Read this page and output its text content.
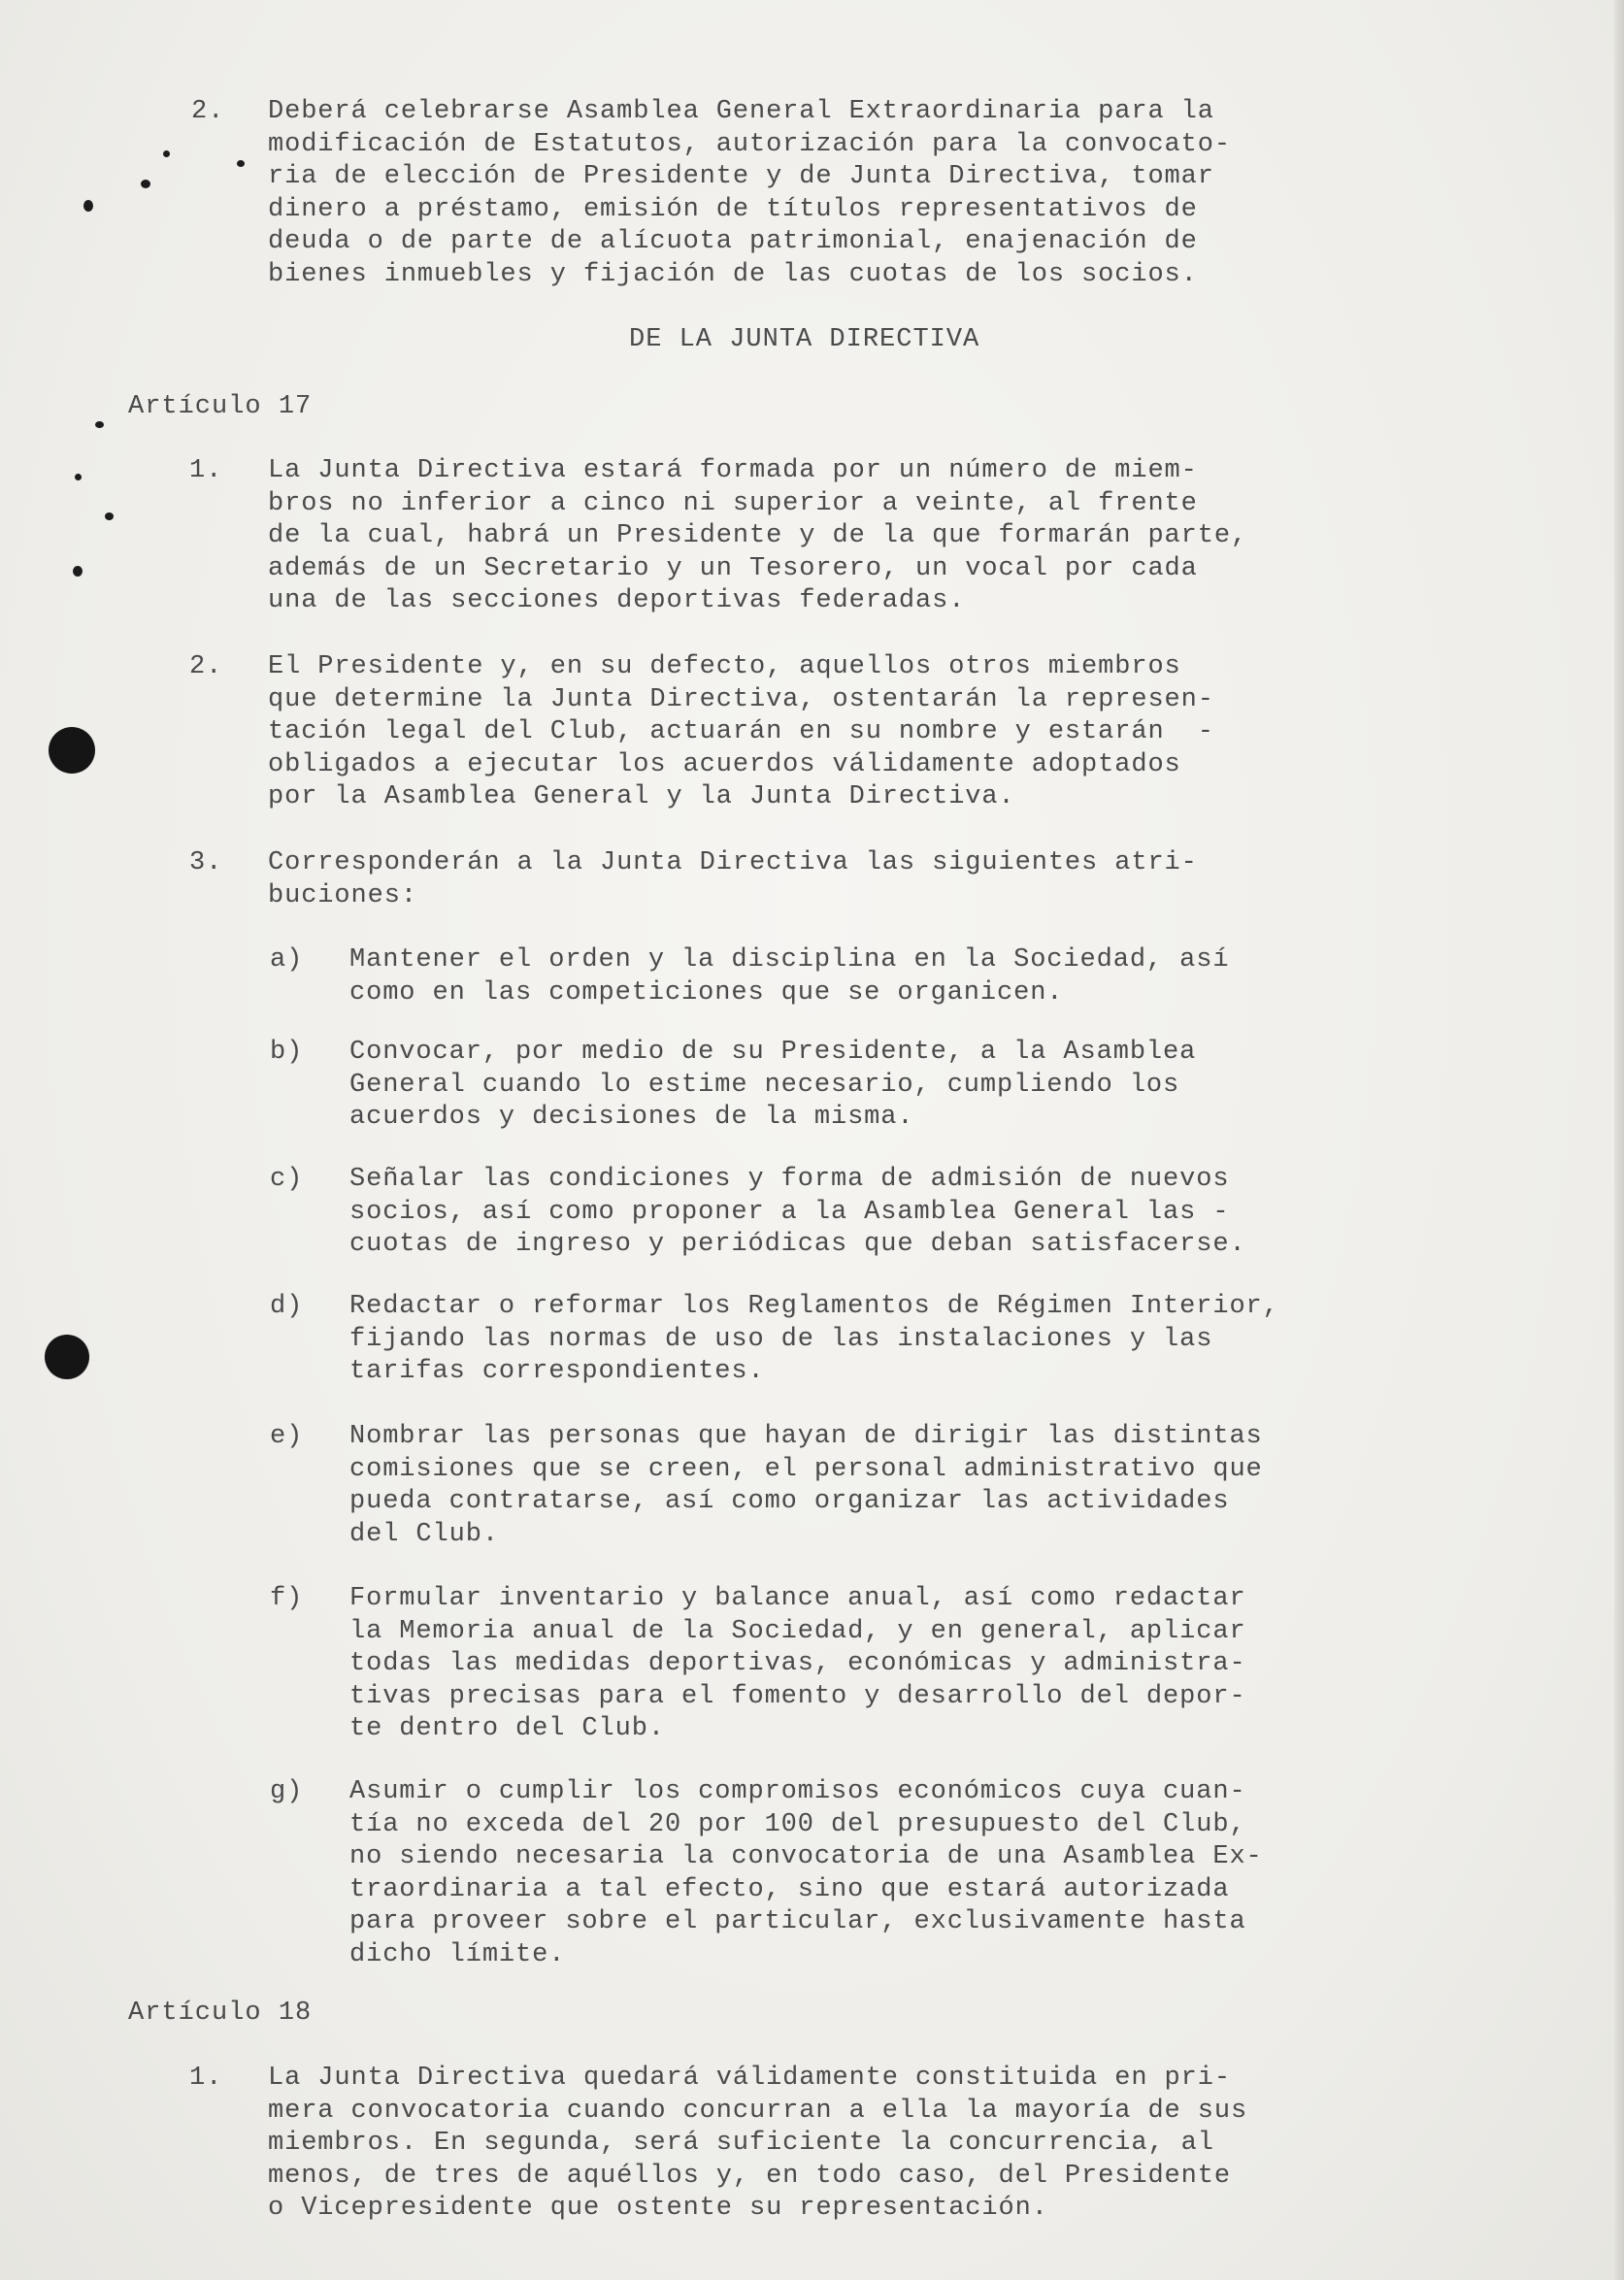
2. Deberá celebrarse Asamblea General Extraordinaria para la
modificación de Estatutos, autorización para la convocato-
ria de elección de Presidente y de Junta Directiva, tomar
dinero a préstamo, emisión de títulos representativos de
deuda o de parte de alícuota patrimonial, enajenación de
bienes inmuebles y fijación de las cuotas de los socios.
DE LA JUNTA DIRECTIVA
Artículo 17
1. La Junta Directiva estará formada por un número de miem-
bros no inferior a cinco ni superior a veinte, al frente
de la cual, habrá un Presidente y de la que formarán parte,
además de un Secretario y un Tesorero, un vocal por cada
una de las secciones deportivas federadas.
2. El Presidente y, en su defecto, aquellos otros miembros
que determine la Junta Directiva, ostentarán la represen-
tación legal del Club, actuarán en su nombre y estarán  -
obligados a ejecutar los acuerdos válidamente adoptados
por la Asamblea General y la Junta Directiva.
3. Corresponderán a la Junta Directiva las siguientes atri-
buciones:
a) Mantener el orden y la disciplina en la Sociedad, así
como en las competiciones que se organicen.
b) Convocar, por medio de su Presidente, a la Asamblea
General cuando lo estime necesario, cumpliendo los
acuerdos y decisiones de la misma.
c) Señalar las condiciones y forma de admisión de nuevos
socios, así como proponer a la Asamblea General las -
cuotas de ingreso y periódicas que deban satisfacerse.
d) Redactar o reformar los Reglamentos de Régimen Interior,
fijando las normas de uso de las instalaciones y las
tarifas correspondientes.
e) Nombrar las personas que hayan de dirigir las distintas
comisiones que se creen, el personal administrativo que
pueda contratarse, así como organizar las actividades
del Club.
f) Formular inventario y balance anual, así como redactar
la Memoria anual de la Sociedad, y en general, aplicar
todas las medidas deportivas, económicas y administra-
tivas precisas para el fomento y desarrollo del depor-
te dentro del Club.
g) Asumir o cumplir los compromisos económicos cuya cuan-
tía no exceda del 20 por 100 del presupuesto del Club,
no siendo necesaria la convocatoria de una Asamblea Ex-
traordinaria a tal efecto, sino que estará autorizada
para proveer sobre el particular, exclusivamente hasta
dicho límite.
Artículo 18
1. La Junta Directiva quedará válidamente constituida en pri-
mera convocatoria cuando concurran a ella la mayoría de sus
miembros. En segunda, será suficiente la concurrencia, al
menos, de tres de aquéllos y, en todo caso, del Presidente
o Vicepresidente que ostente su representación.
